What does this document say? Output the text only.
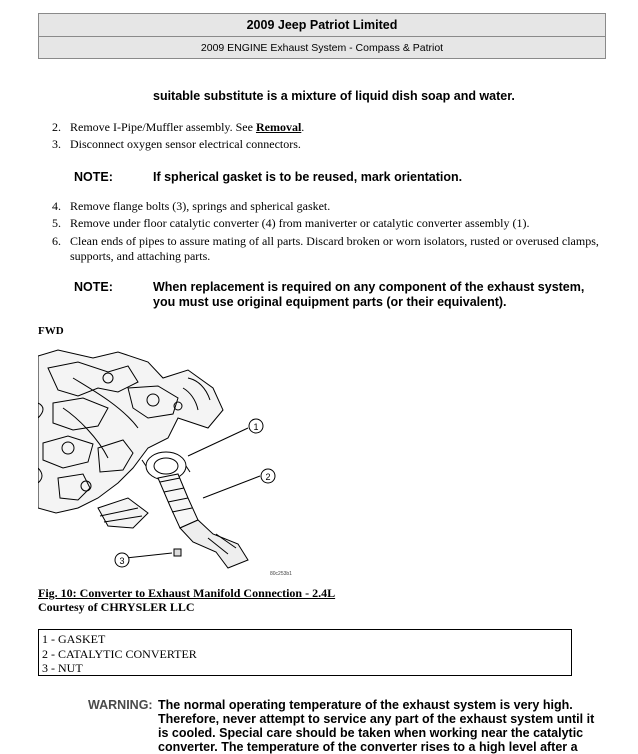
2009 Jeep Patriot Limited
2009 ENGINE Exhaust System - Compass & Patriot
suitable substitute is a mixture of liquid dish soap and water.
2. Remove I-Pipe/Muffler assembly. See Removal.
3. Disconnect oxygen sensor electrical connectors.
NOTE:	If spherical gasket is to be reused, mark orientation.
4. Remove flange bolts (3), springs and spherical gasket.
5. Remove under floor catalytic converter (4) from maniverter or catalytic converter assembly (1).
6. Clean ends of pipes to assure mating of all parts. Discard broken or worn isolators, rusted or overused clamps, supports, and attaching parts.
NOTE:	When replacement is required on any component of the exhaust system,
you must use original equipment parts (or their equivalent).
FWD
1
2
3
80c253b1
Fig. 10: Converter to Exhaust Manifold Connection - 2.4L
Courtesy of CHRYSLER LLC
1 - GASKET
2 - CATALYTIC CONVERTER
3 - NUT
WARNING: The normal operating temperature of the exhaust system is very high. Therefore, never attempt to service any part of the exhaust system until it is cooled. Special care should be taken when working near the catalytic converter. The temperature of the converter rises to a high level after a
